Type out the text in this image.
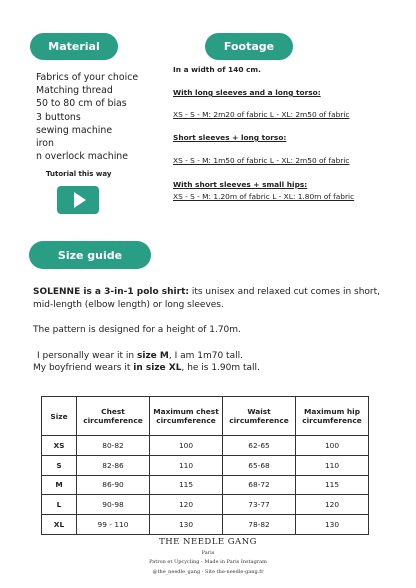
Material
Fabrics of your choice
Matching thread
50 to 80 cm of bias
3 buttons
sewing machine
iron
n overlock machine
Tutorial this way
Footage
In a width of 140 cm.
With long sleeves and a long torso:
XS - S - M: 2m20 of fabric L - XL: 2m50 of fabric
Short sleeves + long torso:
XS - S - M: 1m50 of fabric L - XL: 2m50 of fabric
With short sleeves + small hips:
XS - S - M: 1.20m of fabric L - XL: 1.80m of fabric
Size guide
SOLENNE is a 3-in-1 polo shirt: its unisex and relaxed cut comes in short, mid-length (elbow length) or long sleeves.
The pattern is designed for a height of 1.70m.
I personally wear it in size M, I am 1m70 tall.
My boyfriend wears it in size XL, he is 1.90m tall.
Size	Chest circumference	Maximum chest circumference	Waist circumference	Maximum hip circumference
XS	80-82	100	62-65	100
S	82-86	110	65-68	110
M	86-90	115	68-72	115
L	90-98	120	73-77	120
XL	99 - 110	130	78-82	130
THE NEEDLE GANG
Paris
Patron et Upcycling - Made in Paris Instagram
@the_needle_gang - Site the-needle-gang.fr
